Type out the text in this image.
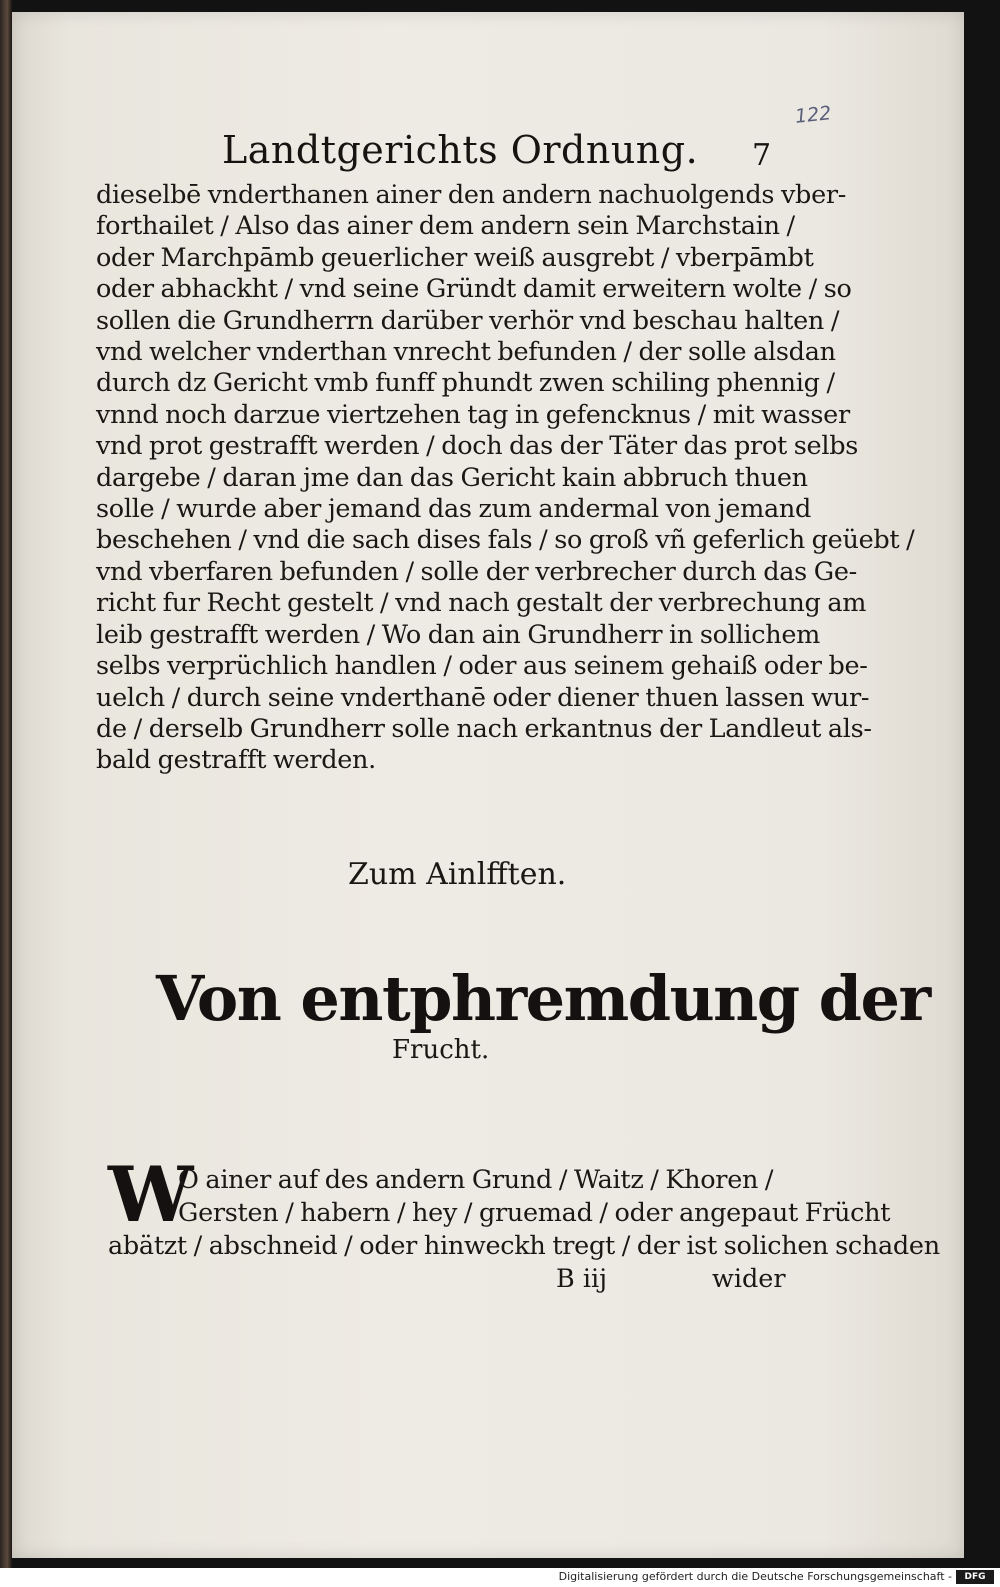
122
Landtgerichts Ordnung. 7
dieselbē vnderthanen ainer den andern nachuolgends vber-
forthailet / Also das ainer dem andern sein Marchstain /
oder Marchpāmb geuerlicher weiß ausgrebt / vberpāmbt
oder abhackht / vnd seine Gründt damit erweitern wolte / so
sollen die Grundherrn darüber verhör vnd beschau halten /
vnd welcher vnderthan vnrecht befunden / der solle alsdan
durch dz Gericht vmb funff phundt zwen schiling phennig /
vnnd noch darzue viertzehen tag in gefencknus / mit wasser
vnd prot gestrafft werden / doch das der Täter das prot selbs
dargebe / daran jme dan das Gericht kain abbruch thuen
solle / wurde aber jemand das zum andermal von jemand
beschehen / vnd die sach dises fals / so groß vñ geferlich geüebt /
vnd vberfaren befunden / solle der verbrecher durch das Ge-
richt fur Recht gestelt / vnd nach gestalt der verbrechung am
leib gestrafft werden / Wo dan ain Grundherr in sollichem
selbs verprüchlich handlen / oder aus seinem gehaiß oder be-
uelch / durch seine vnderthanē oder diener thuen lassen wur-
de / derselb Grundherr solle nach erkantnus der Landleut als-
bald gestrafft werden.
Zum Ainlfften.
Von entphremdung der
Frucht.
W
O ainer auf des andern Grund / Waitz / Khoren /
Gersten / habern / hey / gruemad / oder angepaut Frücht
abätzt / abschneid / oder hinweckh tregt / der ist solichen schaden
B iij	wider
Digitalisierung gefördert durch die Deutsche Forschungsgemeinschaft -	DFG
